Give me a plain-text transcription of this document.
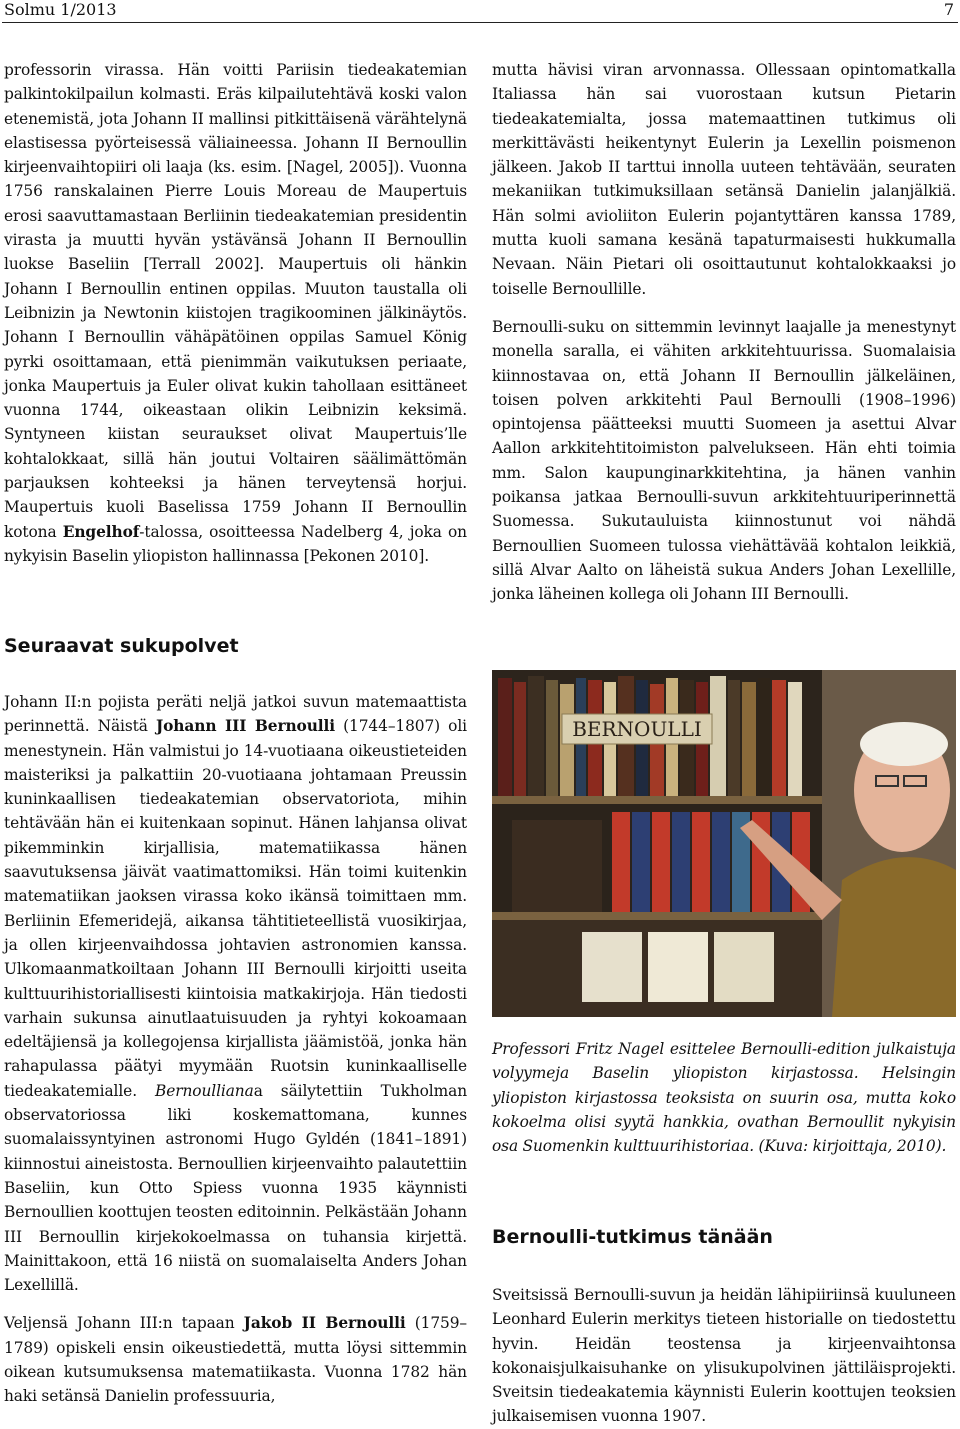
Solmu 1/2013	7

professorin virassa. Hän voitti Pariisin tiedeakatemian palkintokilpailun kolmasti. Eräs kilpailutehtävä koski valon etenemistä, jota Johann II mallinsi pitkittäisenä värähtelynä elastisessa pyörteisessä väliaineessa. Johann II Bernoullin kirjeenvaihtopiiri oli laaja (ks. esim. [Nagel, 2005]). Vuonna 1756 ranskalainen Pierre Louis Moreau de Maupertuis erosi saavuttamastaan Berliinin tiedeakatemian presidentin virasta ja muutti hyvän ystävänsä Johann II Bernoullin luokse Baseliin [Terrall 2002]. Maupertuis oli hänkin Johann I Bernoullin entinen oppilas. Muuton taustalla oli Leibnizin ja Newtonin kiistojen tragikoominen jälkinäytös. Johann I Bernoullin vähäpätöinen oppilas Samuel König pyrki osoittamaan, että pienimmän vaikutuksen periaate, jonka Maupertuis ja Euler olivat kukin tahollaan esittäneet vuonna 1744, oikeastaan olikin Leibnizin keksimä. Syntyneen kiistan seuraukset olivat Maupertuis’lle kohtalokkaat, sillä hän joutui Voltairen säälimättömän parjauksen kohteeksi ja hänen terveytensä horjui. Maupertuis kuoli Baselissa 1759 Johann II Bernoullin kotona Engelhof-talossa, osoitteessa Nadelberg 4, joka on nykyisin Baselin yliopiston hallinnassa [Pekonen 2010].

Seuraavat sukupolvet

Johann II:n pojista peräti neljä jatkoi suvun matemaattista perinnettä. Näistä Johann III Bernoulli (1744–1807) oli menestynein. Hän valmistui jo 14-vuotiaana oikeustieteiden maisteriksi ja palkattiin 20-vuotiaana johtamaan Preussin kuninkaallisen tiedeakatemian observatoriota, mihin tehtävään hän ei kuitenkaan sopinut. Hänen lahjansa olivat pikemminkin kirjallisia, matematiikassa hänen saavutuksensa jäivät vaatimattomiksi. Hän toimi kuitenkin matematiikan jaoksen virassa koko ikänsä toimittaen mm. Berliinin Efemeridejä, aikansa tähtitieteellistä vuosikirjaa, ja ollen kirjeenvaihdossa johtavien astronomien kanssa. Ulkomaanmatkoiltaan Johann III Bernoulli kirjoitti useita kulttuurihistoriallisesti kiintoisia matkakirjoja. Hän tiedosti varhain sukunsa ainutlaatuisuuden ja ryhtyi kokoamaan edeltäjiensä ja kollegojensa kirjallista jäämistöä, jonka hän rahapulassa päätyi myymään Ruotsin kuninkaalliselle tiedeakatemialle. Bernoullianaa säilytettiin Tukholman observatoriossa liki koskemattomana, kunnes suomalaissyntyinen astronomi Hugo Gyldén (1841–1891) kiinnostui aineistosta. Bernoullien kirjeenvaihto palautettiin Baseliin, kun Otto Spiess vuonna 1935 käynnisti Bernoullien koottujen teosten editoinnin. Pelkästään Johann III Bernoullin kirjekokoelmassa on tuhansia kirjettä. Mainittakoon, että 16 niistä on suomalaiselta Anders Johan Lexellillä.

Veljensä Johann III:n tapaan Jakob II Bernoulli (1759–1789) opiskeli ensin oikeustiedettä, mutta löysi sittemmin oikean kutsumuksensa matematiikasta. Vuonna 1782 hän haki setänsä Danielin professuuria,

mutta hävisi viran arvonnassa. Ollessaan opintomatkalla Italiassa hän sai vuorostaan kutsun Pietarin tiedeakatemialta, jossa matemaattinen tutkimus oli merkittävästi heikentynyt Eulerin ja Lexellin poismenon jälkeen. Jakob II tarttui innolla uuteen tehtävään, seuraten mekaniikan tutkimuksillaan setänsä Danielin jalanjälkiä. Hän solmi avioliiton Eulerin pojantyttären kanssa 1789, mutta kuoli samana kesänä tapaturmaisesti hukkumalla Nevaan. Näin Pietari oli osoittautunut kohtalokkaaksi jo toiselle Bernoullille.

Bernoulli-suku on sittemmin levinnyt laajalle ja menestynyt monella saralla, ei vähiten arkkitehtuurissa. Suomalaisia kiinnostavaa on, että Johann II Bernoullin jälkeläinen, toisen polven arkkitehti Paul Bernoulli (1908–1996) opintojensa päätteeksi muutti Suomeen ja asettui Alvar Aallon arkkitehtitoimiston palvelukseen. Hän ehti toimia mm. Salon kaupunginarkkitehtina, ja hänen vanhin poikansa jatkaa Bernoulli-suvun arkkitehtuuriperinnettä Suomessa. Sukutauluista kiinnostunut voi nähdä Bernoullien Suomeen tulossa viehättävää kohtalon leikkiä, sillä Alvar Aalto on läheistä sukua Anders Johan Lexellille, jonka läheinen kollega oli Johann III Bernoulli.

BERNOULLI

Professori Fritz Nagel esittelee Bernoulli-edition julkaistuja volyymeja Baselin yliopiston kirjastossa. Helsingin yliopiston kirjastossa teoksista on suurin osa, mutta koko kokoelma olisi syytä hankkia, ovathan Bernoullit nykyisin osa Suomenkin kulttuurihistoriaa. (Kuva: kirjoittaja, 2010).

Bernoulli-tutkimus tänään

Sveitsissä Bernoulli-suvun ja heidän lähipiiriinsä kuuluneen Leonhard Eulerin merkitys tieteen historialle on tiedostettu hyvin. Heidän teostensa ja kirjeenvaihtonsa kokonaisjulkaisuhanke on ylisukupolvinen jättiläisprojekti. Sveitsin tiedeakatemia käynnisti Eulerin koottujen teoksien julkaisemisen vuonna 1907.
